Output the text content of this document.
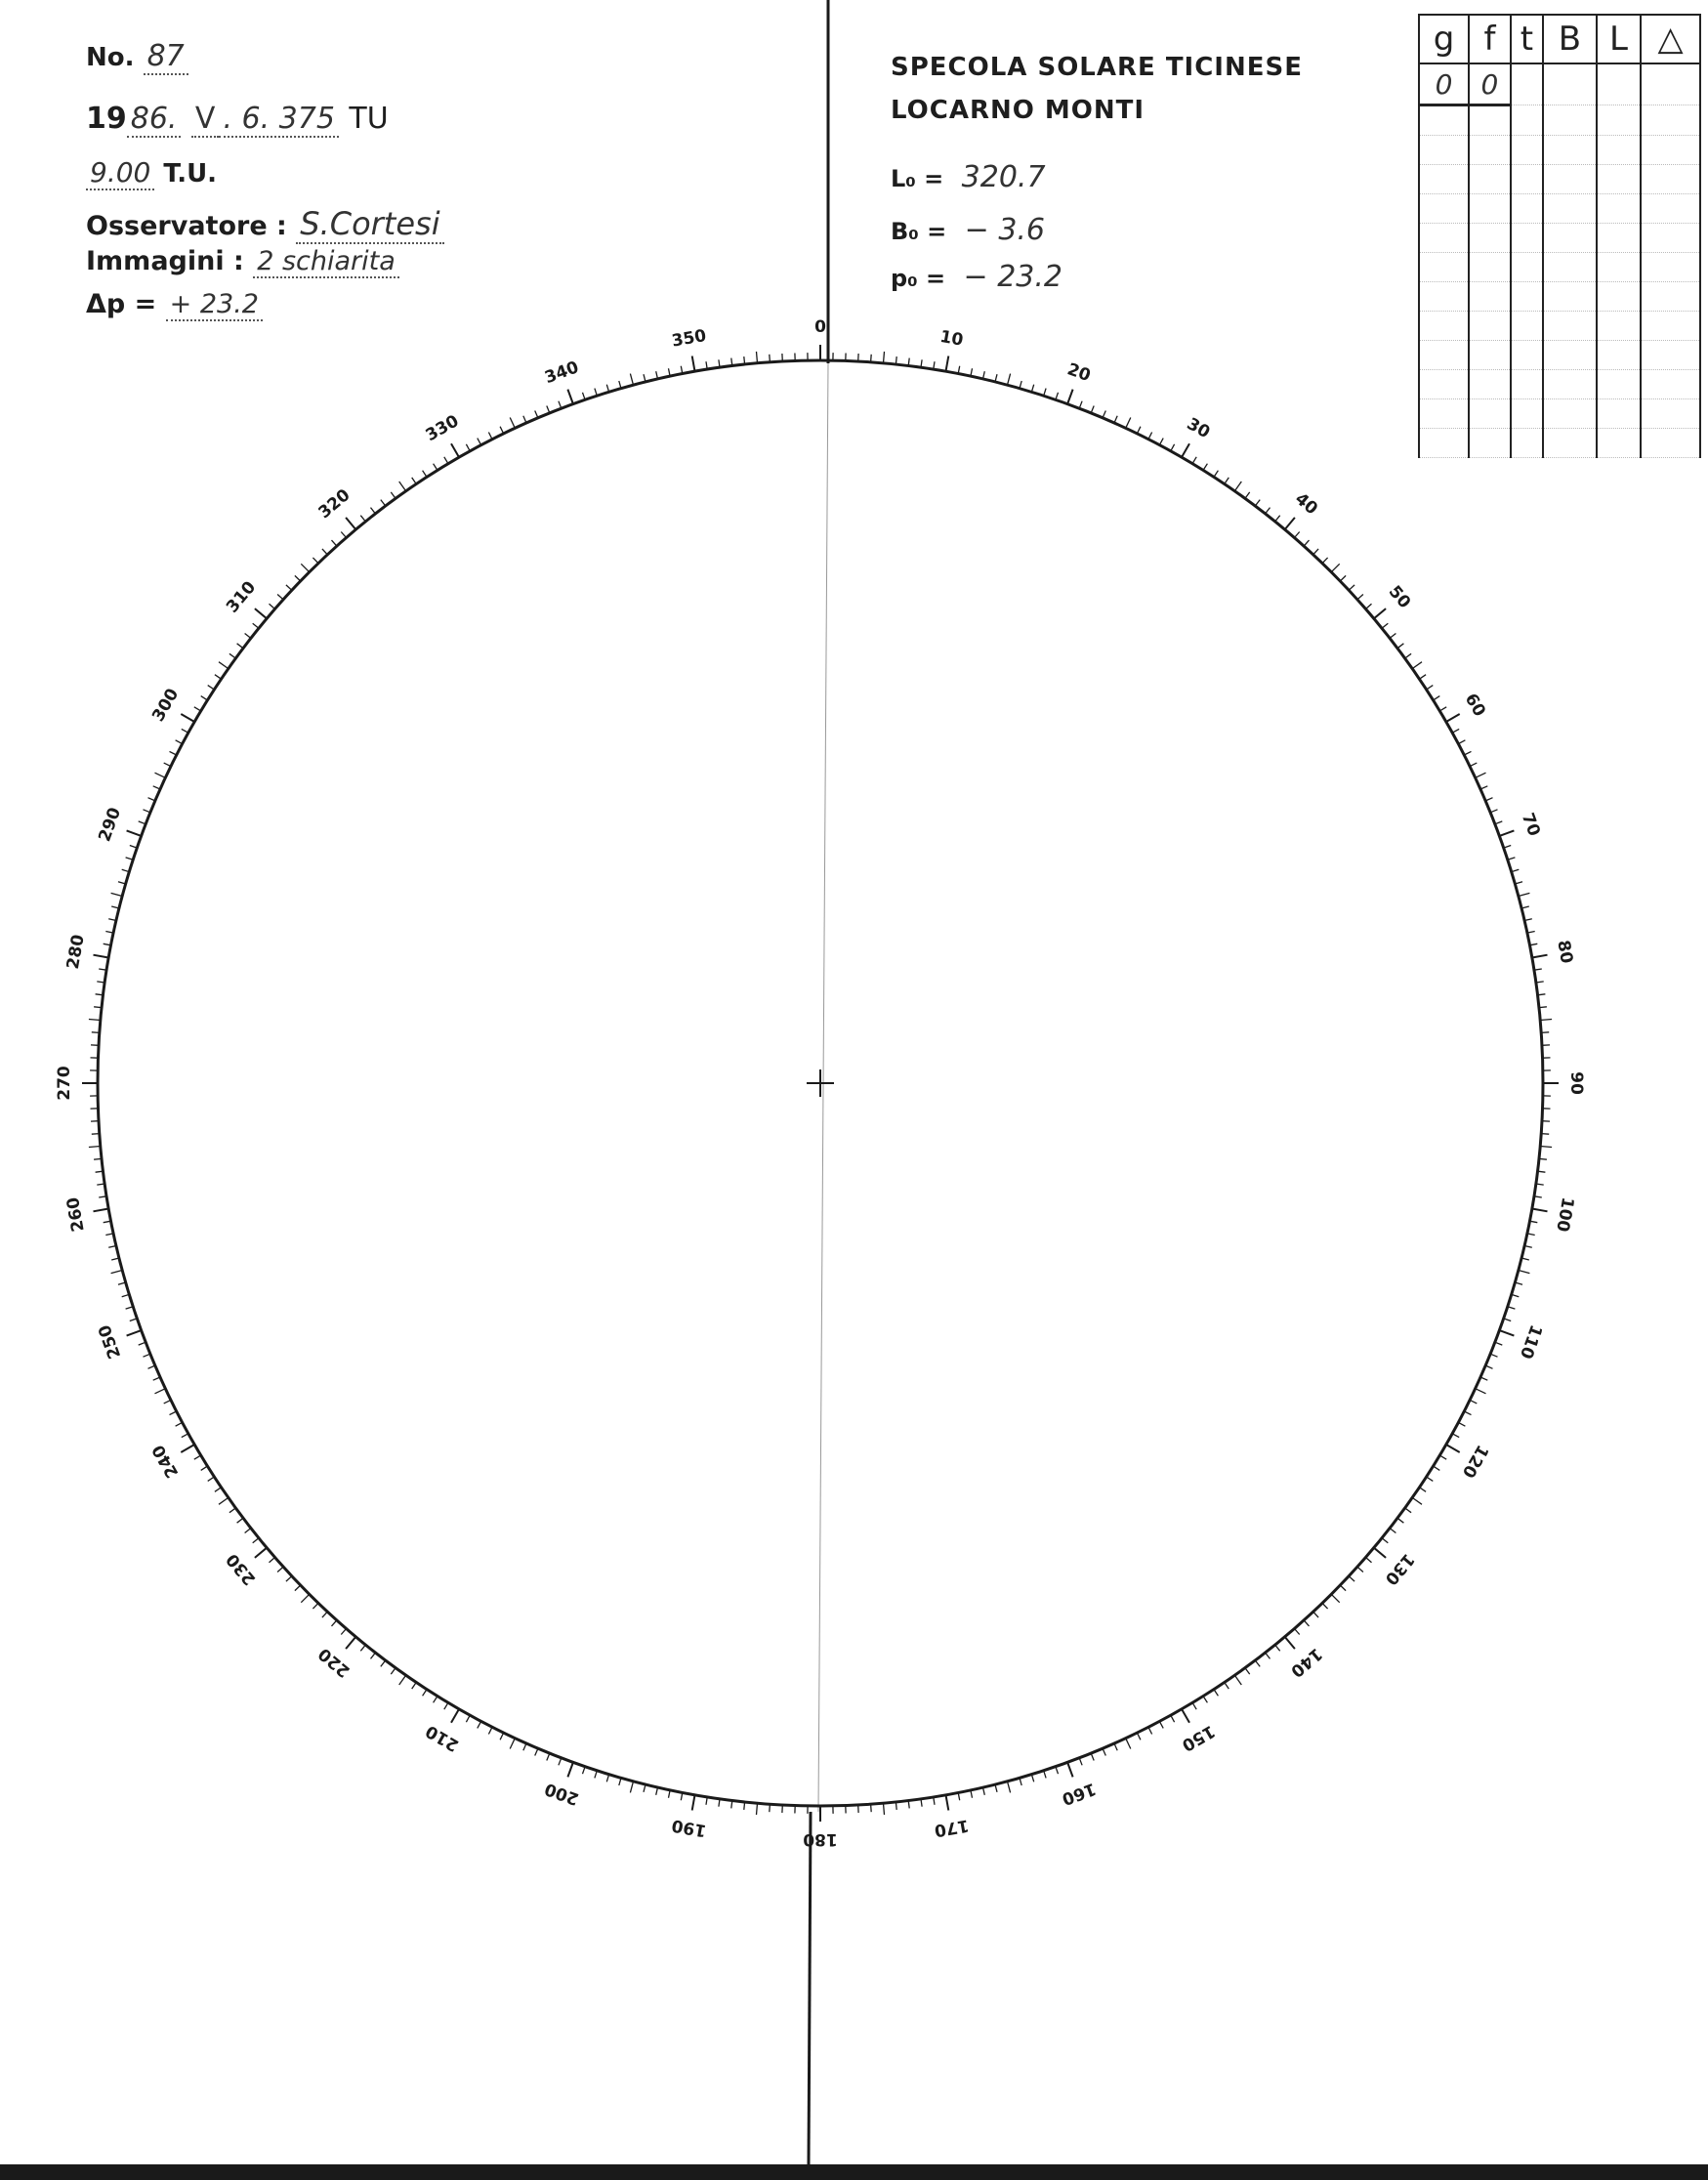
No. 87
19 86. V . 6. 375 TU
9.00 T.U.
Osservatore : S.Cortesi
Immagini : 2 schiarita
Δp = + 23.2
SPECOLA SOLARE TICINESE
LOCARNO MONTI
L₀ = 320.7
B₀ = − 3.6
p₀ = − 23.2
g	f	t	B	L	△
0	0				

0	10
20
30
40
50
60
70
80
90
100
110
120
130
140
150
160
170
180
190
200
210
220
230
240
250
260
270
280
290
300
310
320
330
340
350
